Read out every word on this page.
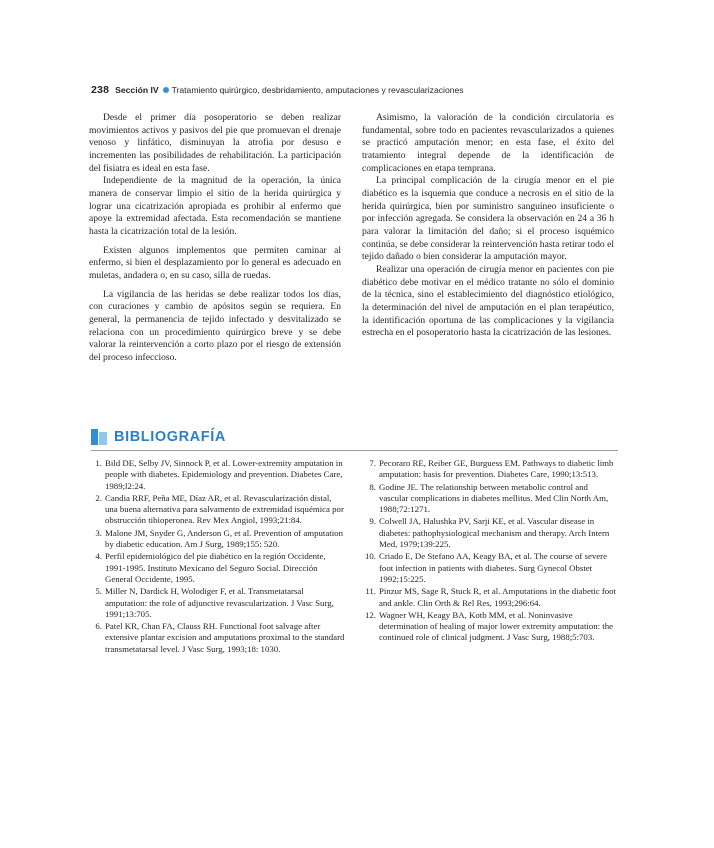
238 Sección IV Tratamiento quirúrgico, desbridamiento, amputaciones y revascularizaciones

Desde el primer día posoperatorio se deben realizar movimientos activos y pasivos del pie que promuevan el drenaje venoso y linfático, disminuyan la atrofia por desuso e incrementen las posibilidades de rehabilitación. La participación del fisiatra es ideal en esta fase.

Independiente de la magnitud de la operación, la única manera de conservar limpio el sitio de la herida quirúrgica y lograr una cicatrización apropiada es prohibir al enfermo que apoye la extremidad afectada. Esta recomendación se mantiene hasta la cicatrización total de la lesión.

Existen algunos implementos que permiten caminar al enfermo, si bien el desplazamiento por lo general es adecuado en muletas, andadera o, en su caso, silla de ruedas.

La vigilancia de las heridas se debe realizar todos los días, con curaciones y cambio de apósitos según se requiera. En general, la permanencia de tejido infectado y desvitalizado se relaciona con un procedimiento quirúrgico breve y se debe valorar la reintervención a corto plazo por el riesgo de extensión del proceso infeccioso.

Asimismo, la valoración de la condición circulatoria es fundamental, sobre todo en pacientes revascularizados a quienes se practicó amputación menor; en esta fase, el éxito del tratamiento integral depende de la identificación de complicaciones en etapa temprana.

La principal complicación de la cirugía menor en el pie diabético es la isquemia que conduce a necrosis en el sitio de la herida quirúrgica, bien por suministro sanguíneo insuficiente o por infección agregada. Se considera la observación en 24 a 36 h para valorar la limitación del daño; si el proceso isquémico continúa, se debe considerar la reintervención hasta retirar todo el tejido dañado o bien considerar la amputación mayor.

Realizar una operación de cirugía menor en pacientes con pie diabético debe motivar en el médico tratante no sólo el dominio de la técnica, sino el establecimiento del diagnóstico etiológico, la determinación del nivel de amputación en el plan terapéutico, la identificación oportuna de las complicaciones y la vigilancia estrecha en el posoperatorio hasta la cicatrización de las lesiones.

BIBLIOGRAFÍA
1. Bild DE, Selby JV, Sinnock P, et al. Lower-extremity amputation in people with diabetes. Epidemiology and prevention. Diabetes Care, 1989;l2:24.
2. Candia RRF, Peña ME, Díaz AR, et al. Revascularización distal, una buena alternativa para salvamento de extremidad isquémica por obstrucción tibioperonea. Rev Mex Angiol, 1993;21:84.
3. Malone JM, Snyder G, Anderson G, et al. Prevention of amputation by diabetic education. Am J Surg, 1989;155: 520.
4. Perfil epidemiológico del pie diabético en la región Occidente, 1991-1995. Instituto Mexicano del Seguro Social. Dirección General Occidente, 1995.
5. Miller N, Dardick H, Wolodiger F, et al. Transmetatarsal amputation: the role of adjunctive revascularization. J Vasc Surg, 1991;13:705.
6. Patel KR, Chan FA, Clauss RH. Functional foot salvage after extensive plantar excision and amputations proximal to the standard transmetatarsal level. J Vasc Surg, 1993;18: 1030.
7. Pecoraro RE, Reiber GE, Burguess EM. Pathways to diabetic limb amputation: basis for prevention. Diabetes Care, 1990;13:513.
8. Godine JE. The relationship between metabolic control and vascular complications in diabetes mellitus. Med Clin North Am, 1988;72:1271.
9. Colwell JA, Halushka PV, Sarji KE, et al. Vascular disease in diabetes: pathophysiological mechanism and therapy. Arch Intern Med, 1979;139:225.
10. Criado E, De Stefano AA, Keagy BA, et al. The course of severe foot infection in patients with diabetes. Surg Gynecol Obstet 1992;15:225.
11. Pinzur MS, Sage R, Stuck R, et al. Amputations in the diabetic foot and ankle. Clin Orth & Rel Res, 1993;296:64.
12. Wagner WH, Keagy BA, Kotb MM, et al. Noninvasive determination of healing of major lower extremity amputation: the continued role of clinical judgment. J Vasc Surg, 1988;5:703.
